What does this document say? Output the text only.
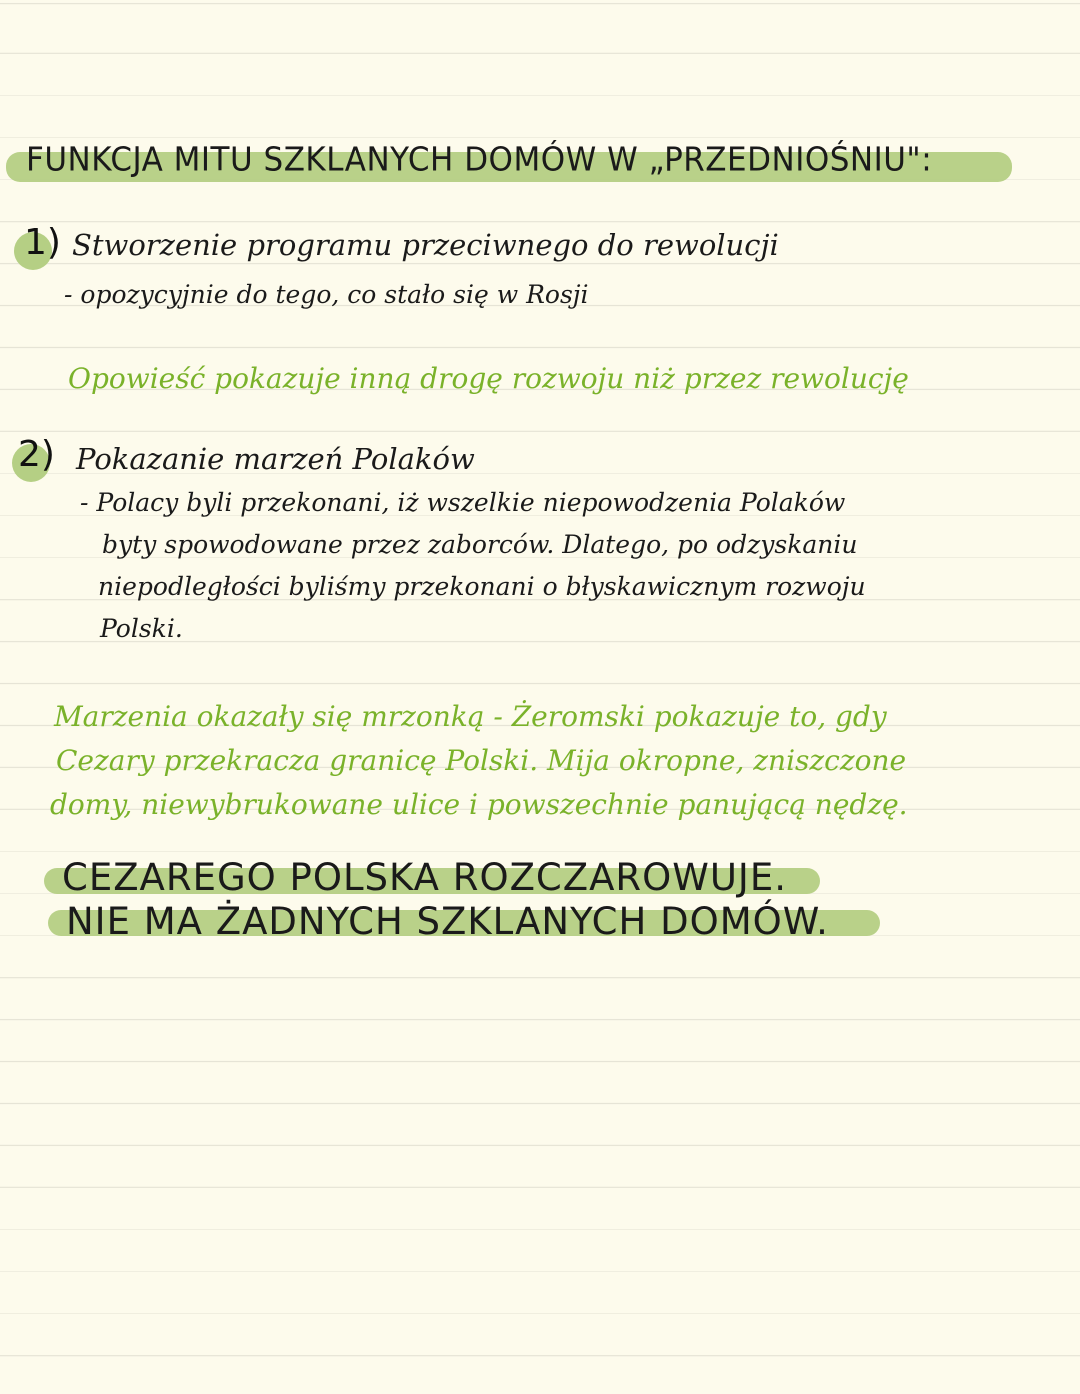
FUNKCJA MITU SZKLANYCH DOMÓW W „PRZEDNIOŚNIU":
1) Stworzenie programu przeciwnego do rewolucji
- opozycyjnie do tego, co stało się w Rosji
Opowieść pokazuje inną drogę rozwoju niż przez rewolucję
2) Pokazanie marzeń Polaków
- Polacy byli przekonani, iż wszelkie niepowodzenia Polaków
byty spowodowane przez zaborców. Dlatego, po odzyskaniu
niepodległości byliśmy przekonani o błyskawicznym rozwoju
Polski.
Marzenia okazały się mrzonką - Żeromski pokazuje to, gdy
Cezary przekracza granicę Polski. Mija okropne, zniszczone
domy, niewybrukowane ulice i powszechnie panującą nędzę.
CEZAREGO POLSKA ROZCZAROWUJE.
NIE MA ŻADNYCH SZKLANYCH DOMÓW.
